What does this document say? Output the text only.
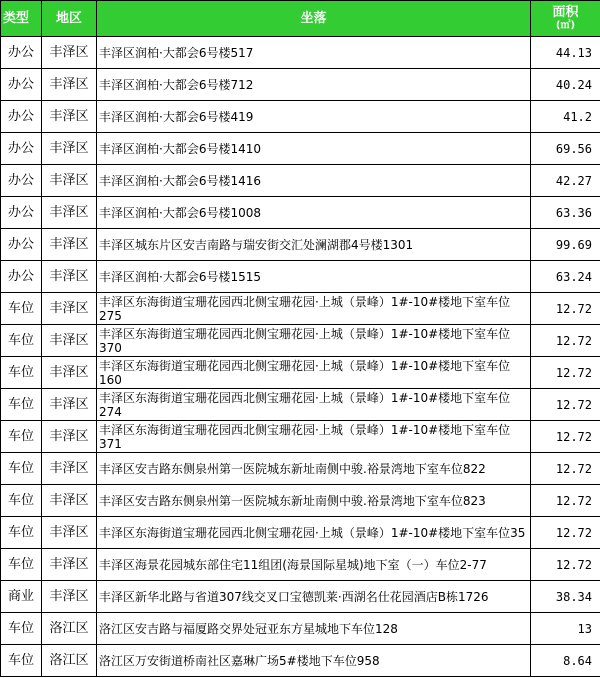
类型	地区	坐落	面积
(㎡)

办公	丰泽区	丰泽区润柏·大都会6号楼517	44.13
办公	丰泽区	丰泽区润柏·大都会6号楼712	40.24
办公	丰泽区	丰泽区润柏·大都会6号楼419	41.2
办公	丰泽区	丰泽区润柏·大都会6号楼1410	69.56
办公	丰泽区	丰泽区润柏·大都会6号楼1416	42.27
办公	丰泽区	丰泽区润柏·大都会6号楼1008	63.36
办公	丰泽区	丰泽区城东片区安吉南路与瑞安街交汇处澜湖郡4号楼1301	99.69
办公	丰泽区	丰泽区润柏·大都会6号楼1515	63.24
车位	丰泽区	丰泽区东海街道宝珊花园西北侧宝珊花园·上城（景峰）1#-10#楼地下室车位275	12.72
车位	丰泽区	丰泽区东海街道宝珊花园西北侧宝珊花园·上城（景峰）1#-10#楼地下室车位370	12.72
车位	丰泽区	丰泽区东海街道宝珊花园西北侧宝珊花园·上城（景峰）1#-10#楼地下室车位160	12.72
车位	丰泽区	丰泽区东海街道宝珊花园西北侧宝珊花园·上城（景峰）1#-10#楼地下室车位274	12.72
车位	丰泽区	丰泽区东海街道宝珊花园西北侧宝珊花园·上城（景峰）1#-10#楼地下室车位371	12.72
车位	丰泽区	丰泽区安吉路东侧泉州第一医院城东新址南侧中骏.裕景湾地下室车位822	12.72
车位	丰泽区	丰泽区安吉路东侧泉州第一医院城东新址南侧中骏.裕景湾地下室车位823	12.72
车位	丰泽区	丰泽区东海街道宝珊花园西北侧宝珊花园·上城（景峰）1#-10#楼地下室车位35	12.72
车位	丰泽区	丰泽区海景花园城东部住宅11组团(海景国际星城)地下室（一）车位2-77	12.72
商业	丰泽区	丰泽区新华北路与省道307线交叉口宝德凯莱·西湖名仕花园酒店B栋1726	38.34
车位	洛江区	洛江区安吉路与福厦路交界处冠亚东方星城地下车位128	13
车位	洛江区	洛江区万安街道桥南社区嘉琳广场5#楼地下车位958	8.64
